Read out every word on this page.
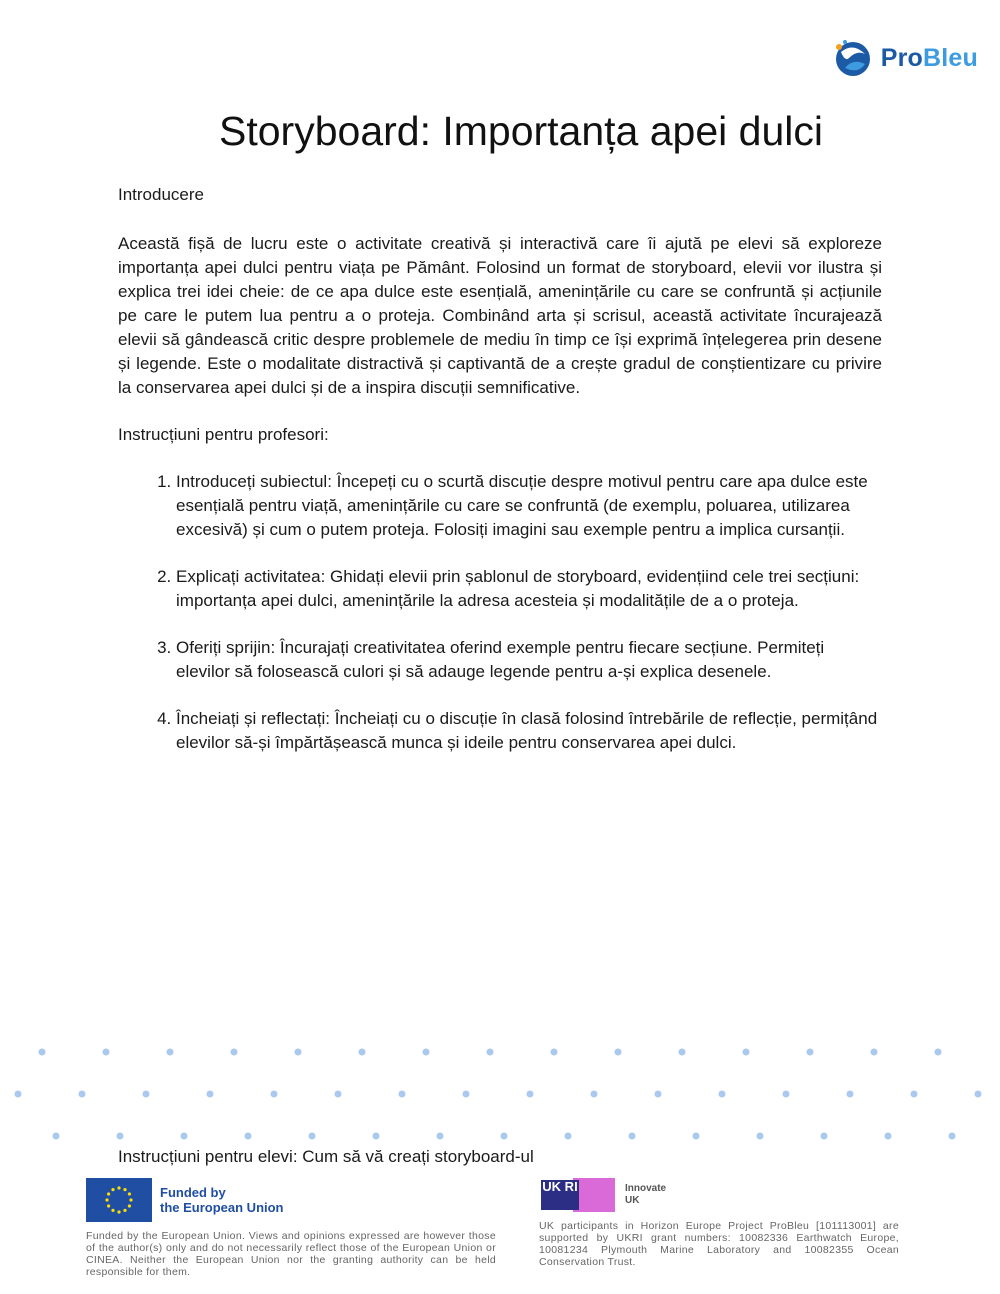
ProBleu
Storyboard: Importanța apei dulci

Introducere

Această fișă de lucru este o activitate creativă și interactivă care îi ajută pe elevi să exploreze importanța apei dulci pentru viața pe Pământ. Folosind un format de storyboard, elevii vor ilustra și explica trei idei cheie: de ce apa dulce este esențială, amenințările cu care se confruntă și acțiunile pe care le putem lua pentru a o proteja. Combinând arta și scrisul, această activitate încurajează elevii să gândească critic despre problemele de mediu în timp ce își exprimă înțelegerea prin desene și legende. Este o modalitate distractivă și captivantă de a crește gradul de conștientizare cu privire la conservarea apei dulci și de a inspira discuții semnificative.

Instrucțiuni pentru profesori:

1. Introduceți subiectul: Începeți cu o scurtă discuție despre motivul pentru care apa dulce este esențială pentru viață, amenințările cu care se confruntă (de exemplu, poluarea, utilizarea excesivă) și cum o putem proteja. Folosiți imagini sau exemple pentru a implica cursanții.
2. Explicați activitatea: Ghidați elevii prin șablonul de storyboard, evidențiind cele trei secțiuni: importanța apei dulci, amenințările la adresa acesteia și modalitățile de a o proteja.
3. Oferiți sprijin: Încurajați creativitatea oferind exemple pentru fiecare secțiune. Permiteți elevilor să folosească culori și să adauge legende pentru a-și explica desenele.
4. Încheiați și reflectați: Încheiați cu o discuție în clasă folosind întrebările de reflecție, permițând elevilor să-și împărtășească munca și ideile pentru conservarea apei dulci.

Instrucțiuni pentru elevi: Cum să vă creați storyboard-ul

Funded by
the European Union
Funded by the European Union. Views and opinions expressed are however those of the author(s) only and do not necessarily reflect those of the European Union or CINEA. Neither the European Union nor the granting authority can be held responsible for them.
UK RI	Innovate
UK
UK participants in Horizon Europe Project ProBleu [101113001] are supported by UKRI grant numbers: 10082336 Earthwatch Europe, 10081234 Plymouth Marine Laboratory and 10082355 Ocean Conservation Trust.
